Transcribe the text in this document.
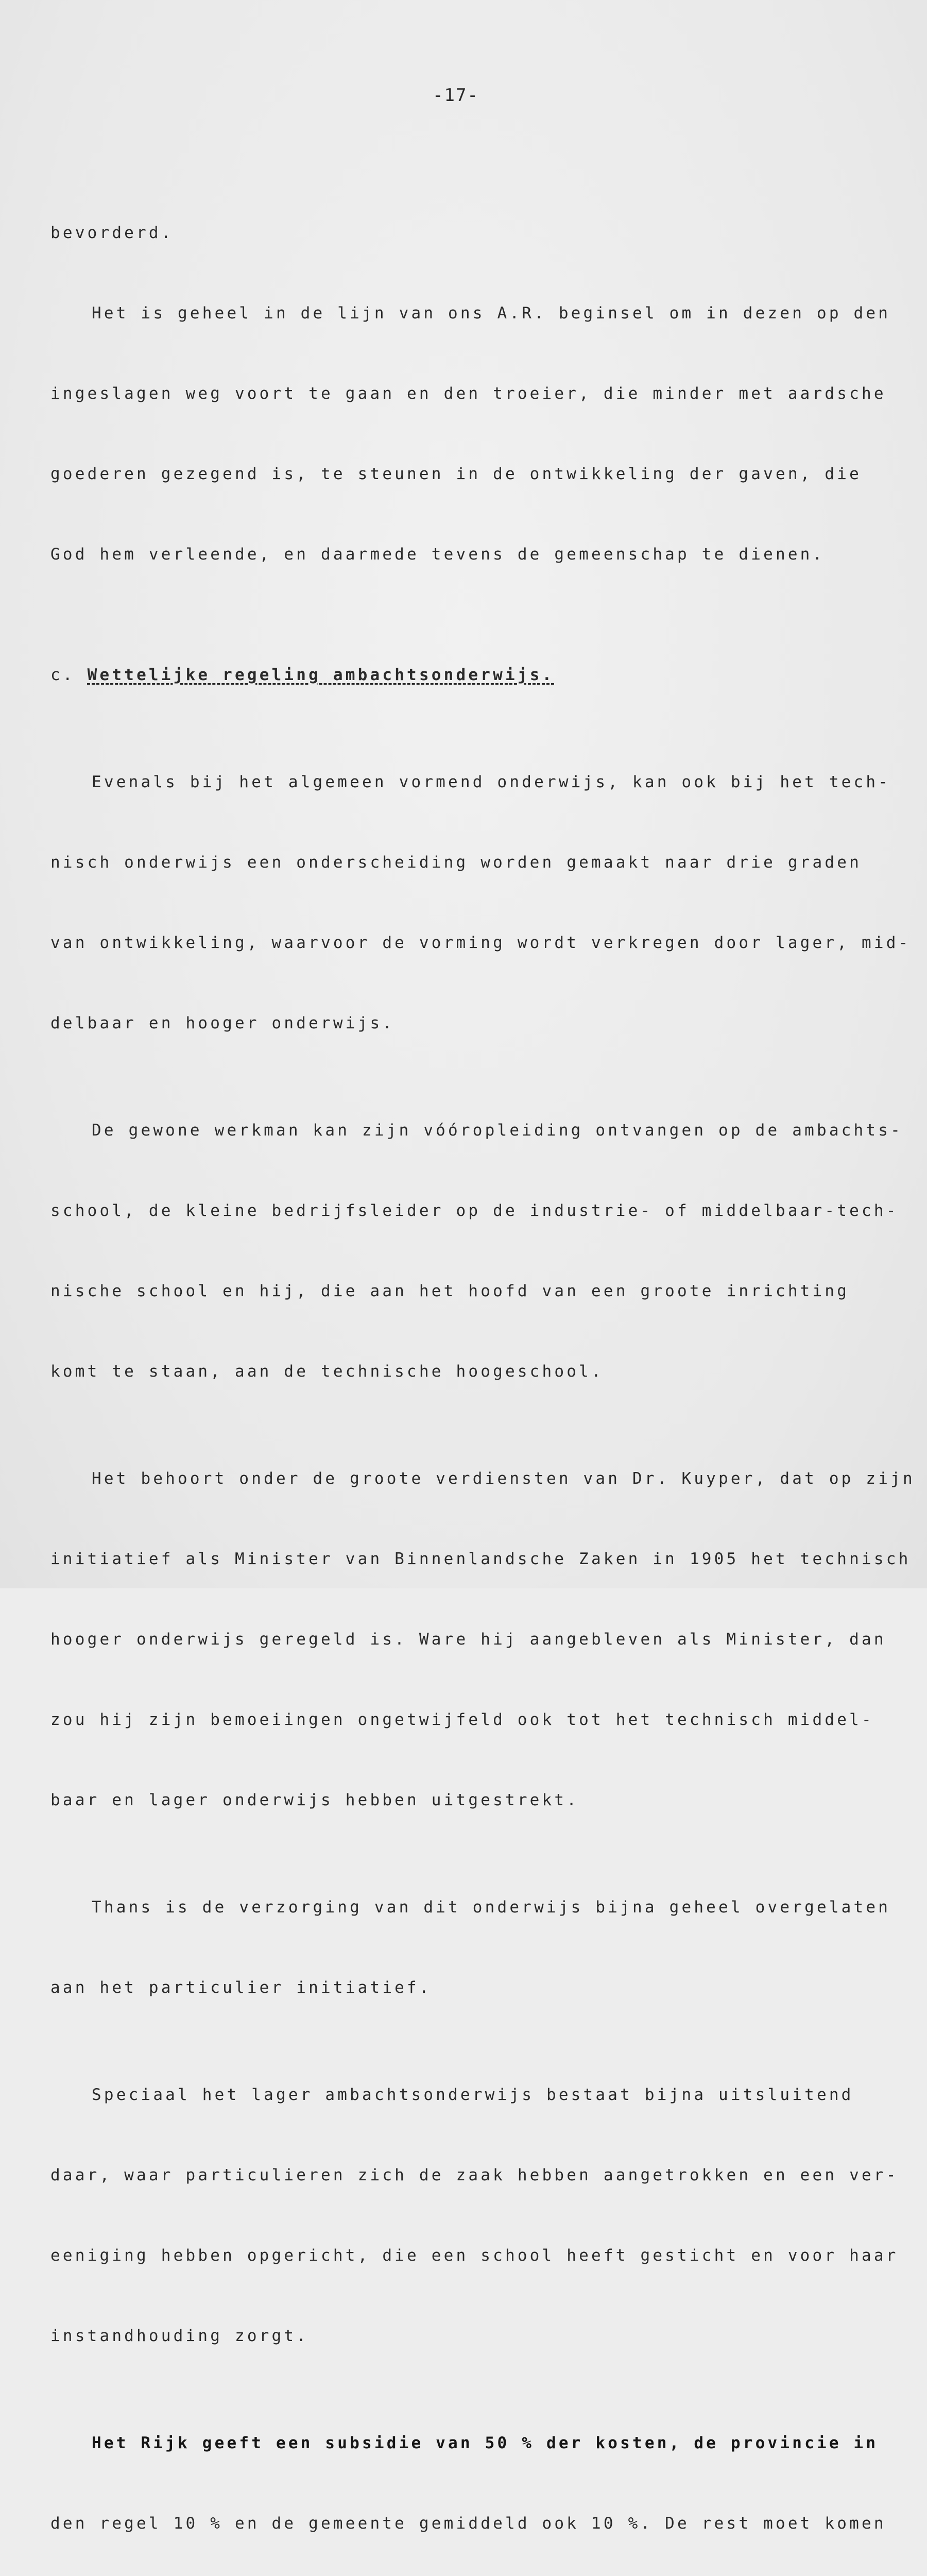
-17-

bevorderd.

Het is geheel in de lijn van ons A.R. beginsel om in dezen op den

ingeslagen weg voort te gaan en den troeier, die minder met aardsche

goederen gezegend is, te steunen in de ontwikkeling der gaven, die

God hem verleende, en daarmede tevens de gemeenschap te dienen.

c. Wettelijke regeling ambachtsonderwijs.

Evenals bij het algemeen vormend onderwijs, kan ook bij het tech-

nisch onderwijs een onderscheiding worden gemaakt naar drie graden

van ontwikkeling, waarvoor de vorming wordt verkregen door lager, mid-

delbaar en hooger onderwijs.

De gewone werkman kan zijn vóóropleiding ontvangen op de ambachts-

school, de kleine bedrijfsleider op de industrie- of middelbaar-tech-

nische school en hij, die aan het hoofd van een groote inrichting

komt te staan, aan de technische hoogeschool.

Het behoort onder de groote verdiensten van Dr. Kuyper, dat op zijn

initiatief als Minister van Binnenlandsche Zaken in 1905 het technisch

hooger onderwijs geregeld is. Ware hij aangebleven als Minister, dan

zou hij zijn bemoeiingen ongetwijfeld ook tot het technisch middel-

baar en lager onderwijs hebben uitgestrekt.

Thans is de verzorging van dit onderwijs bijna geheel overgelaten

aan het particulier initiatief.

Speciaal het lager ambachtsonderwijs bestaat bijna uitsluitend

daar, waar particulieren zich de zaak hebben aangetrokken en een ver-

eeniging hebben opgericht, die een school heeft gesticht en voor haar

instandhouding zorgt.

Het Rijk geeft een subsidie van 50 % der kosten, de provincie in

den regel 10 % en de gemeente gemiddeld ook 10 %. De rest moet komen
